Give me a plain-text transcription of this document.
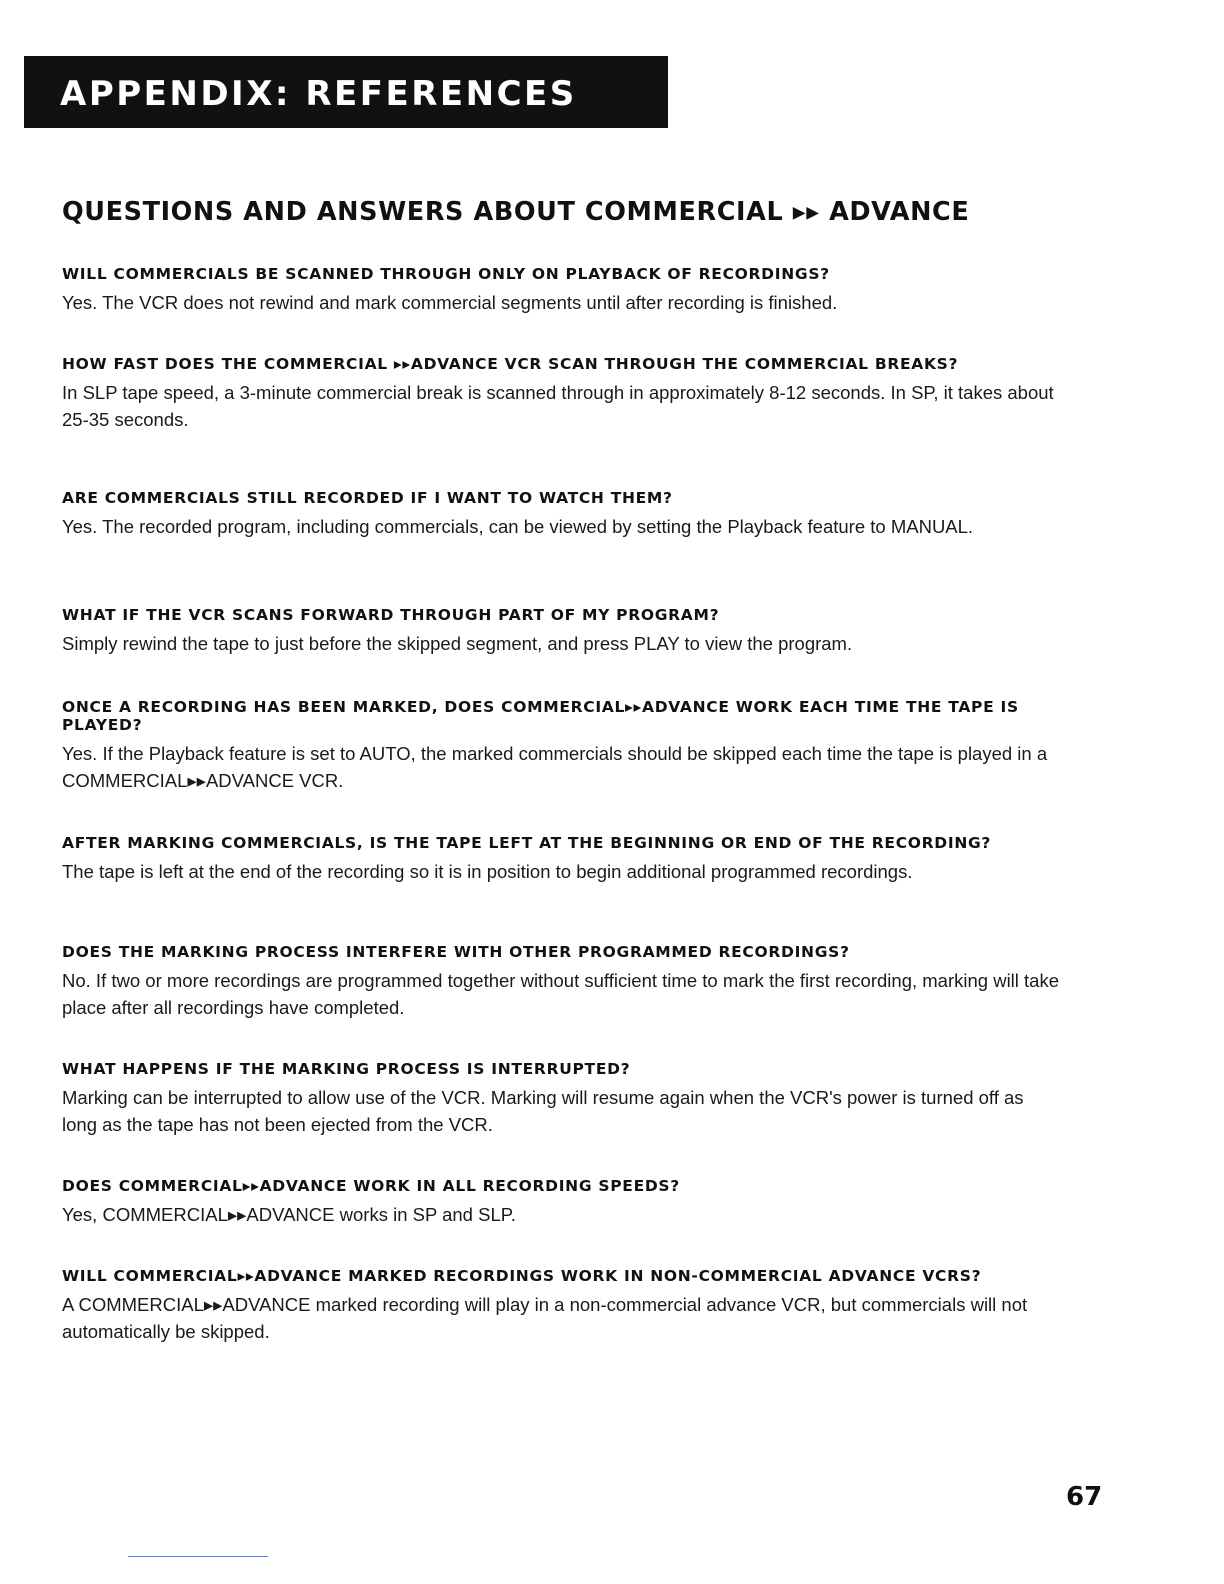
APPENDIX: REFERENCES
QUESTIONS AND ANSWERS ABOUT COMMERCIAL ▸▸ ADVANCE
WILL COMMERCIALS BE SCANNED THROUGH ONLY ON PLAYBACK OF RECORDINGS?

Yes. The VCR does not rewind and mark commercial segments until after recording is finished.

HOW FAST DOES THE COMMERCIAL ▸▸ADVANCE VCR SCAN THROUGH THE COMMERCIAL BREAKS?

In SLP tape speed, a 3-minute commercial break is scanned through in approximately 8-12 seconds. In SP, it takes about 25-35 seconds.

ARE COMMERCIALS STILL RECORDED IF I WANT TO WATCH THEM?

Yes. The recorded program, including commercials, can be viewed by setting the Playback feature to MANUAL.

WHAT IF THE VCR SCANS FORWARD THROUGH PART OF MY PROGRAM?

Simply rewind the tape to just before the skipped segment, and press PLAY to view the program.

ONCE A RECORDING HAS BEEN MARKED, DOES COMMERCIAL▸▸ADVANCE WORK EACH TIME THE TAPE IS PLAYED?

Yes. If the Playback feature is set to AUTO, the marked commercials should be skipped each time the tape is played in a COMMERCIAL▸▸ADVANCE VCR.

AFTER MARKING COMMERCIALS, IS THE TAPE LEFT AT THE BEGINNING OR END OF THE RECORDING?

The tape is left at the end of the recording so it is in position to begin additional programmed recordings.

DOES THE MARKING PROCESS INTERFERE WITH OTHER PROGRAMMED RECORDINGS?

No. If two or more recordings are programmed together without sufficient time to mark the first recording, marking will take place after all recordings have completed.

WHAT HAPPENS IF THE MARKING PROCESS IS INTERRUPTED?

Marking can be interrupted to allow use of the VCR. Marking will resume again when the VCR's power is turned off as long as the tape has not been ejected from the VCR.

DOES COMMERCIAL▸▸ADVANCE WORK IN ALL RECORDING SPEEDS?

Yes, COMMERCIAL▸▸ADVANCE works in SP and SLP.

WILL COMMERCIAL▸▸ADVANCE MARKED RECORDINGS WORK IN NON-COMMERCIAL ADVANCE VCRS?

A COMMERCIAL▸▸ADVANCE marked recording will play in a non-commercial advance VCR, but commercials will not automatically be skipped.

67
